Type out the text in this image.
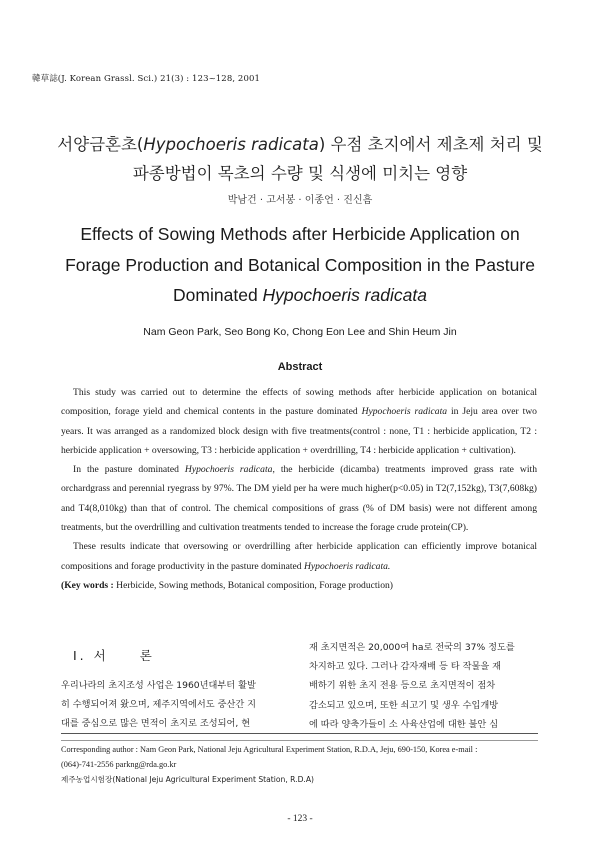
韓草誌(J. Korean Grassl. Sci.) 21(3) : 123~128, 2001
서양금혼초(Hypochoeris radicata) 우점 초지에서 제초제 처리 및
파종방법이 목초의 수량 및 식생에 미치는 영향
박남건 · 고서봉 · 이종언 · 진신흠
Effects of Sowing Methods after Herbicide Application on
Forage Production and Botanical Composition in the Pasture
Dominated Hypochoeris radicata
Nam Geon Park, Seo Bong Ko, Chong Eon Lee and Shin Heum Jin
Abstract

This study was carried out to determine the effects of sowing methods after herbicide application on botanical composition, forage yield and chemical contents in the pasture dominated Hypochoeris radicata in Jeju area over two years. It was arranged as a randomized block design with five treatments(control : none, T1 : herbicide application, T2 : herbicide application + oversowing, T3 : herbicide application + overdrilling, T4 : herbicide application + cultivation).

In the pasture dominated Hypochoeris radicata, the herbicide (dicamba) treatments improved grass rate with orchardgrass and perennial ryegrass by 97%. The DM yield per ha were much higher(p<0.05) in T2(7,152kg), T3(7,608kg) and T4(8,010kg) than that of control. The chemical compositions of grass (% of DM basis) were not different among treatments, but the overdrilling and cultivation treatments tended to increase the forage crude protein(CP).

These results indicate that oversowing or overdrilling after herbicide application can efficiently improve botanical compositions and forage productivity in the pasture dominated Hypochoeris radicata.

(Key words : Herbicide, Sowing methods, Botanical composition, Forage production)

Ⅰ. 서　　론
우리나라의 초지조성 사업은 1960년대부터 활발
히 수행되어져 왔으며, 제주지역에서도 중산간 지
대를 중심으로 많은 면적이 초지로 조성되어, 현
재 초지면적은 20,000여 ha로 전국의 37% 정도를
차지하고 있다. 그러나 감자재배 등 타 작물을 재
배하기 위한 초지 전용 등으로 초지면적이 점차
감소되고 있으며, 또한 쇠고기 및 생우 수입개방
에 따라 양축가들이 소 사육산업에 대한 불안 심
Corresponding author : Nam Geon Park, National Jeju Agricultural Experiment Station, R.D.A, Jeju, 690-150, Korea e-mail :
(064)-741-2556 parkng@rda.go.kr
제주농업시험장(National Jeju Agricultural Experiment Station, R.D.A)
- 123 -
